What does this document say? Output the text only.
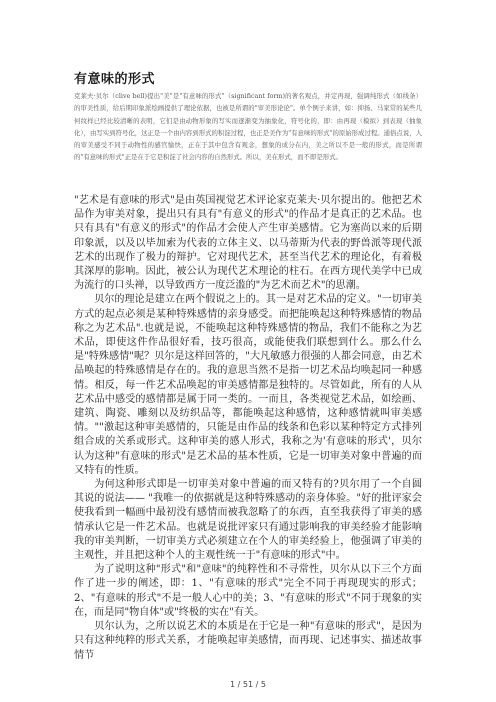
有意味的形式

克莱夫·贝尔（clive bell)提出"美"是"有意味的形式"（significant form)的著名观点，并定再现，强调纯形式（如线条）的审美性质，给后期印象派绘画提供了理论依据，也被是所谓的"审美形论论"。单个例子来讲，如：抑扬、马家常的某些几何纹样已经比较清晰的表明，它们是由动物形象的写实而逐渐变为抽象化，符号化的，即：由再现（模拟）到表现（抽象化），由写实到符号化，这正是一个由内容到形式的积淀过程，也正是美作为"有意味的形式"的原始形成过程。通俗点说，人的审美感受不同于动物性的感官愉快，正在于其中包含有观念，想象的成分在内，美之所以不是一般的形式，而是所谓的"有意味的形式"正是在于它是积淀了社会内容的自然形式。所以，美在形式，而不即是形式。

"艺术是有意味的形式"是由英国视觉艺术评论家克莱夫·贝尔提出的。他把艺术品作为审美对象，提出只有具有"有意义的形式"的作品才是真正的艺术品。也只有具有"有意义的形式"的作品才会使人产生审美感情。它为塞尚以来的后期印象派，以及以毕加索为代表的立体主义、以马蒂斯为代表的野兽派等现代派艺术的出现作了极力的辩护。它对现代艺术，甚至当代艺术的理论化，有着极其深厚的影响。因此，被公认为现代艺术理论的柱石。在西方现代美学中已成为流行的口头禅，以导致西方一度泛滥的"为艺术而艺术"的思潮。

贝尔的理论是建立在两个假说之上的。其一是对艺术品的定义。"一切审美方式的起点必须是某种特殊感情的亲身感受。而把能唤起这种特殊感情的物品称之为艺术品".也就是说，不能唤起这种特殊感情的物品，我们不能称之为艺术品，即使这件作品很好看，技巧很高，或能使我们联想到什么。那么什么是"特殊感情"呢？贝尔是这样回答的，"大凡敏感力很强的人都会同意，由艺术品唤起的特殊感情是存在的。我的意思当然不是指一切艺术品均唤起同一种感情。相反，每一件艺术品唤起的审美感情都是独特的。尽管如此，所有的人从艺术品中感受的感情都是属于同一类的。一而且，各类视觉艺术品，如绘画、建筑、陶瓷、雕刻以及纺织品等，都能唤起这种感情，这种感情就叫审美感情。""激起这种审美感情的，只能是由作品的线条和色彩以某种特定方式排列组合成的关系或形式。这种审美的感人形式，我称之为'有意味的形式'，贝尔认为这种"有意味的形式"是艺术品的基本性质，它是一切审美对象中普遍的而又特有的性质。

为何这种形式即是一切审美对象中普遍的而又特有的?贝尔用了一个自圆其说的说法—— "我唯一的依据就是这种特殊感动的亲身体验。"好的批评家会使我看到一幅画中最初没有感情而被我忽略了的东西，直至我获得了审美的感情承认它是一件艺术品。也就是说批评家只有通过影响我的审美经验才能影响我的审美判断，一切审美方式必须建立在个人的审美经验上，他强调了审美的主观性，并且把这种个人的主观性统一于"有意味的形式"中。

为了说明这种"形式"和"意味"的纯粹性和不寻常性，贝尔从以下三个方面作了进一步的阐述，即：1、"有意味的形式"完全不同于再现现实的形式；2、"有意味的形式"不是一般人心中的美；3、"有意味的形式"不同于现象的实在，而是同"物自体"或"终极的实在"有关。

贝尔认为，之所以说艺术的本质是在于它是一种"有意味的形式"，是因为只有这种纯粹的形式关系，才能唤起审美感情，而再现、记述事实、描述故事情节

1 / 51 / 5
